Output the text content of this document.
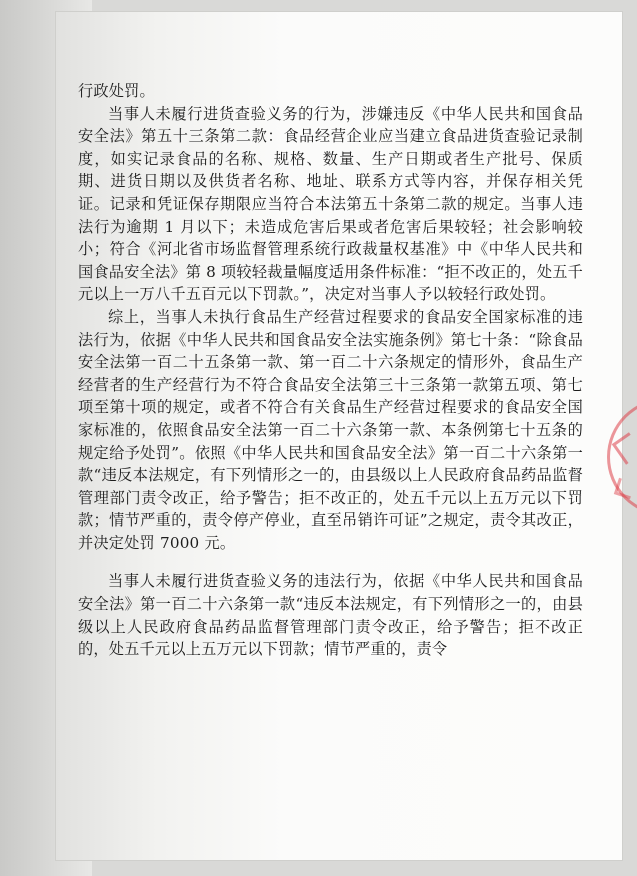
行政处罚。

当事人未履行进货查验义务的行为，涉嫌违反《中华人民共和国食品安全法》第五十三条第二款：食品经营企业应当建立食品进货查验记录制度，如实记录食品的名称、规格、数量、生产日期或者生产批号、保质期、进货日期以及供货者名称、地址、联系方式等内容，并保存相关凭证。记录和凭证保存期限应当符合本法第五十条第二款的规定。当事人违法行为逾期 1 月以下；未造成危害后果或者危害后果较轻；社会影响较小；符合《河北省市场监督管理系统行政裁量权基准》中《中华人民共和国食品安全法》第 8 项较轻裁量幅度适用条件标准：“拒不改正的，处五千元以上一万八千五百元以下罚款。”，决定对当事人予以较轻行政处罚。

综上，当事人未执行食品生产经营过程要求的食品安全国家标准的违法行为，依据《中华人民共和国食品安全法实施条例》第七十条：“除食品安全法第一百二十五条第一款、第一百二十六条规定的情形外，食品生产经营者的生产经营行为不符合食品安全法第三十三条第一款第五项、第七项至第十项的规定，或者不符合有关食品生产经营过程要求的食品安全国家标准的，依照食品安全法第一百二十六条第一款、本条例第七十五条的规定给予处罚”。依照《中华人民共和国食品安全法》第一百二十六条第一款“违反本法规定，有下列情形之一的，由县级以上人民政府食品药品监督管理部门责令改正，给予警告；拒不改正的，处五千元以上五万元以下罚款；情节严重的，责令停产停业，直至吊销许可证”之规定，责令其改正，并决定处罚 7000 元。

当事人未履行进货查验义务的违法行为，依据《中华人民共和国食品安全法》第一百二十六条第一款“违反本法规定，有下列情形之一的，由县级以上人民政府食品药品监督管理部门责令改正，给予警告；拒不改正的，处五千元以上五万元以下罚款；情节严重的，责令
